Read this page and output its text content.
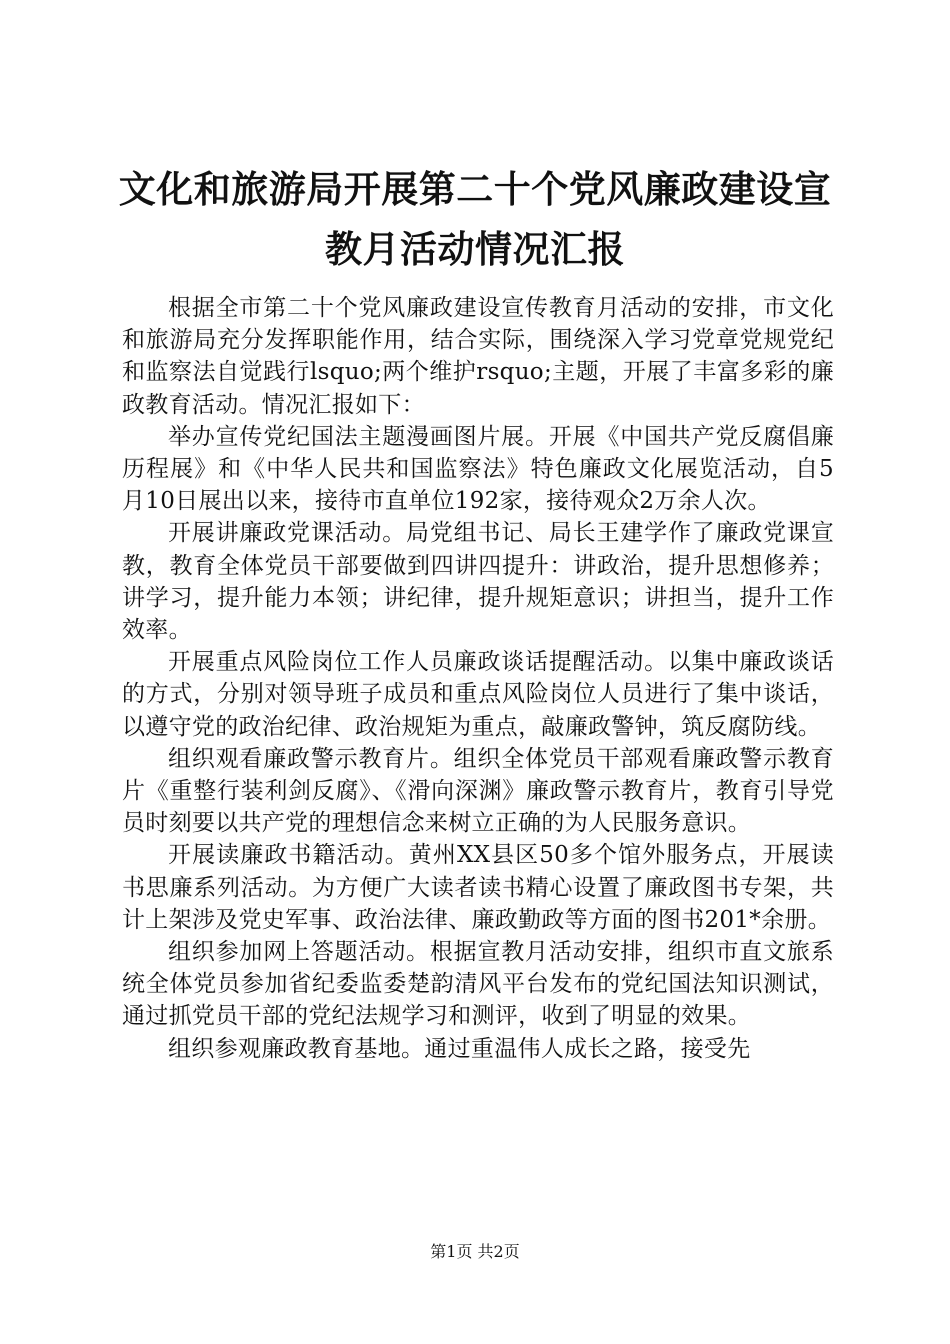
文化和旅游局开展第二十个党风廉政建设宣教月活动情况汇报

根据全市第二十个党风廉政建设宣传教育月活动的安排，市文化和旅游局充分发挥职能作用，结合实际，围绕深入学习党章党规党纪和监察法自觉践行lsquo;两个维护rsquo;主题，开展了丰富多彩的廉政教育活动。情况汇报如下：

举办宣传党纪国法主题漫画图片展。开展《中国共产党反腐倡廉历程展》和《中华人民共和国监察法》特色廉政文化展览活动，自5月10日展出以来，接待市直单位192家，接待观众2万余人次。

开展讲廉政党课活动。局党组书记、局长王建学作了廉政党课宣教，教育全体党员干部要做到四讲四提升：讲政治，提升思想修养；讲学习，提升能力本领；讲纪律，提升规矩意识；讲担当，提升工作效率。

开展重点风险岗位工作人员廉政谈话提醒活动。以集中廉政谈话的方式，分别对领导班子成员和重点风险岗位人员进行了集中谈话，以遵守党的政治纪律、政治规矩为重点，敲廉政警钟，筑反腐防线。

组织观看廉政警示教育片。组织全体党员干部观看廉政警示教育片《重整行装利剑反腐》、《滑向深渊》廉政警示教育片，教育引导党员时刻要以共产党的理想信念来树立正确的为人民服务意识。

开展读廉政书籍活动。黄州XX县区50多个馆外服务点，开展读书思廉系列活动。为方便广大读者读书精心设置了廉政图书专架，共计上架涉及党史军事、政治法律、廉政勤政等方面的图书201*余册。

组织参加网上答题活动。根据宣教月活动安排，组织市直文旅系统全体党员参加省纪委监委楚韵清风平台发布的党纪国法知识测试，通过抓党员干部的党纪法规学习和测评，收到了明显的效果。

组织参观廉政教育基地。通过重温伟人成长之路，接受先

第1页 共2页
